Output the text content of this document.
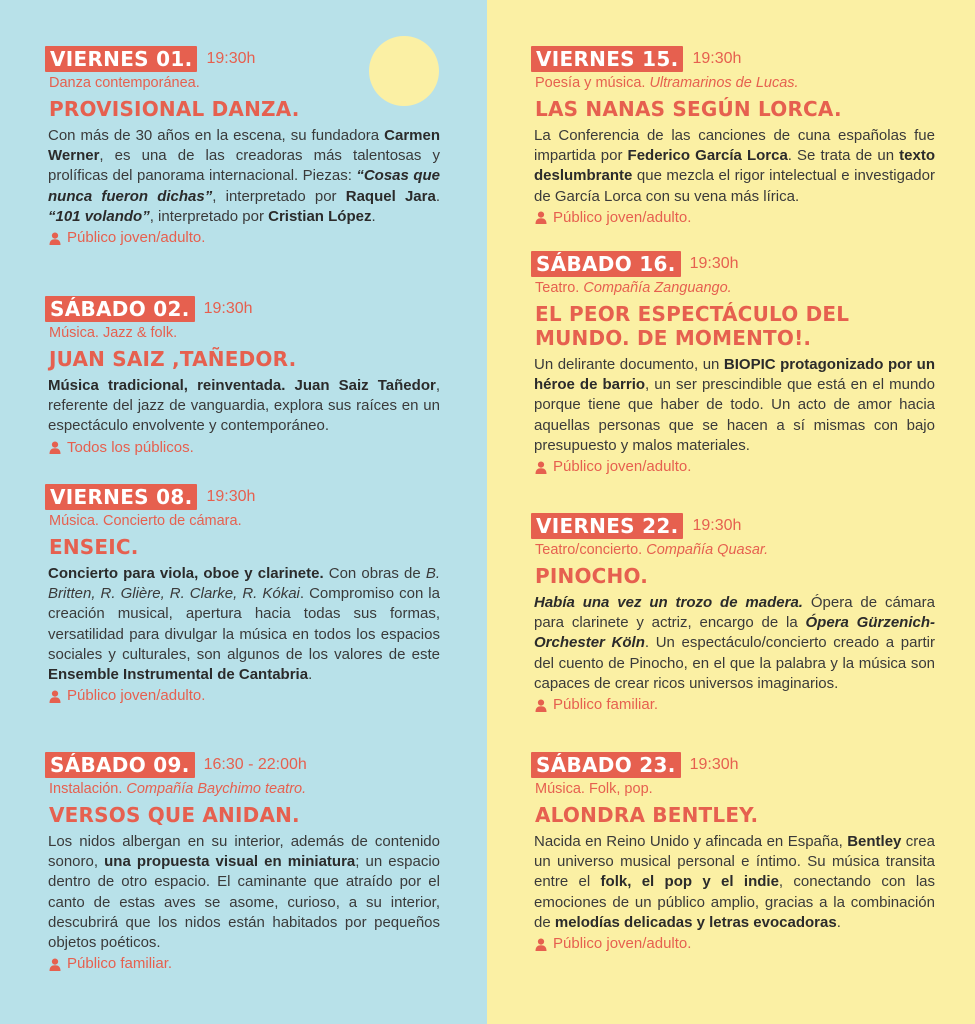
VIERNES 01. 19:30h
Danza contemporánea.
PROVISIONAL DANZA.

Con más de 30 años en la escena, su fundadora Carmen Werner, es una de las creadoras más talentosas y prolíficas del panorama internacional. Piezas: “Cosas que nunca fueron dichas”, interpretado por Raquel Jara. “101 volando”, interpretado por Cristian López.

Público joven/adulto.
SÁBADO 02. 19:30h
Música. Jazz & folk.
JUAN SAIZ ,TAÑEDOR.

Música tradicional, reinventada. Juan Saiz Tañedor, referente del jazz de vanguardia, explora sus raíces en un espectáculo envolvente y contemporáneo.

Todos los públicos.
VIERNES 08. 19:30h
Música. Concierto de cámara.
ENSEIC.

Concierto para viola, oboe y clarinete. Con obras de B. Britten, R. Glière, R. Clarke, R. Kókai. Compromiso con la creación musical, apertura hacia todas sus formas, versatilidad para divulgar la música en todos los espacios sociales y culturales, son algunos de los valores de este Ensemble Instrumental de Cantabria.

Público joven/adulto.
SÁBADO 09. 16:30 - 22:00h
Instalación. Compañía Baychimo teatro.
VERSOS QUE ANIDAN.

Los nidos albergan en su interior, además de contenido sonoro, una propuesta visual en miniatura; un espacio dentro de otro espacio. El caminante que atraído por el canto de estas aves se asome, curioso, a su interior, descubrirá que los nidos están habitados por pequeños objetos poéticos.

Público familiar.
VIERNES 15. 19:30h
Poesía y música. Ultramarinos de Lucas.
LAS NANAS SEGÚN LORCA.

La Conferencia de las canciones de cuna españolas fue impartida por Federico García Lorca. Se trata de un texto deslumbrante que mezcla el rigor intelectual e investigador de García Lorca con su vena más lírica.

Público joven/adulto.
SÁBADO 16. 19:30h
Teatro. Compañía Zanguango.
EL PEOR ESPECTÁCULO DEL MUNDO. DE MOMENTO!.

Un delirante documento, un BIOPIC protagonizado por un héroe de barrio, un ser prescindible que está en el mundo porque tiene que haber de todo. Un acto de amor hacia aquellas personas que se hacen a sí mismas con bajo presupuesto y malos materiales.

Público joven/adulto.
VIERNES 22. 19:30h
Teatro/concierto. Compañía Quasar.
PINOCHO.

Había una vez un trozo de madera. Ópera de cámara para clarinete y actriz, encargo de la Ópera Gürzenich-Orchester Köln. Un espectáculo/concierto creado a partir del cuento de Pinocho, en el que la palabra y la música son capaces de crear ricos universos imaginarios.

Público familiar.
SÁBADO 23. 19:30h
Música. Folk, pop.
ALONDRA BENTLEY.

Nacida en Reino Unido y afincada en España, Bentley crea un universo musical personal e íntimo. Su música transita entre el folk, el pop y el indie, conectando con las emociones de un público amplio, gracias a la combinación de melodías delicadas y letras evocadoras.

Público joven/adulto.
